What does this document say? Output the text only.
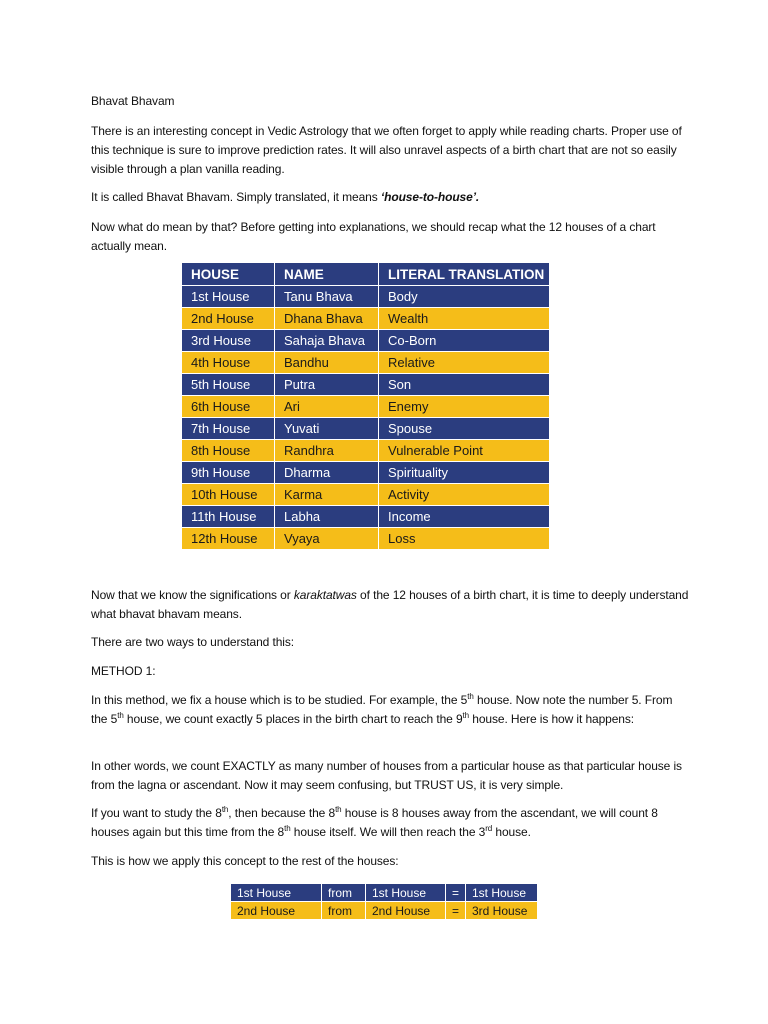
Bhavat Bhavam

There is an interesting concept in Vedic Astrology that we often forget to apply while reading charts. Proper use of this technique is sure to improve prediction rates. It will also unravel aspects of a birth chart that are not so easily visible through a plan vanilla reading.

It is called Bhavat Bhavam. Simply translated, it means ‘house-to-house’.

Now what do mean by that? Before getting into explanations, we should recap what the 12 houses of a chart actually mean.

HOUSE	NAME	LITERAL TRANSLATION
1st House	Tanu Bhava	Body
2nd House	Dhana Bhava	Wealth
3rd House	Sahaja Bhava	Co-Born
4th House	Bandhu	Relative
5th House	Putra	Son
6th House	Ari	Enemy
7th House	Yuvati	Spouse
8th House	Randhra	Vulnerable Point
9th House	Dharma	Spirituality
10th House	Karma	Activity
11th House	Labha	Income
12th House	Vyaya	Loss

Now that we know the significations or karaktatwas of the 12 houses of a birth chart, it is time to deeply understand what bhavat bhavam means.

There are two ways to understand this:

METHOD 1:

In this method, we fix a house which is to be studied. For example, the 5th house. Now note the number 5. From the 5th house, we count exactly 5 places in the birth chart to reach the 9th house. Here is how it happens:

In other words, we count EXACTLY as many number of houses from a particular house as that particular house is from the lagna or ascendant. Now it may seem confusing, but TRUST US, it is very simple.

If you want to study the 8th, then because the 8th house is 8 houses away from the ascendant, we will count 8 houses again but this time from the 8th house itself. We will then reach the 3rd house.

This is how we apply this concept to the rest of the houses:

1st House	from	1st House	=	1st House
2nd House	from	2nd House	=	3rd House
